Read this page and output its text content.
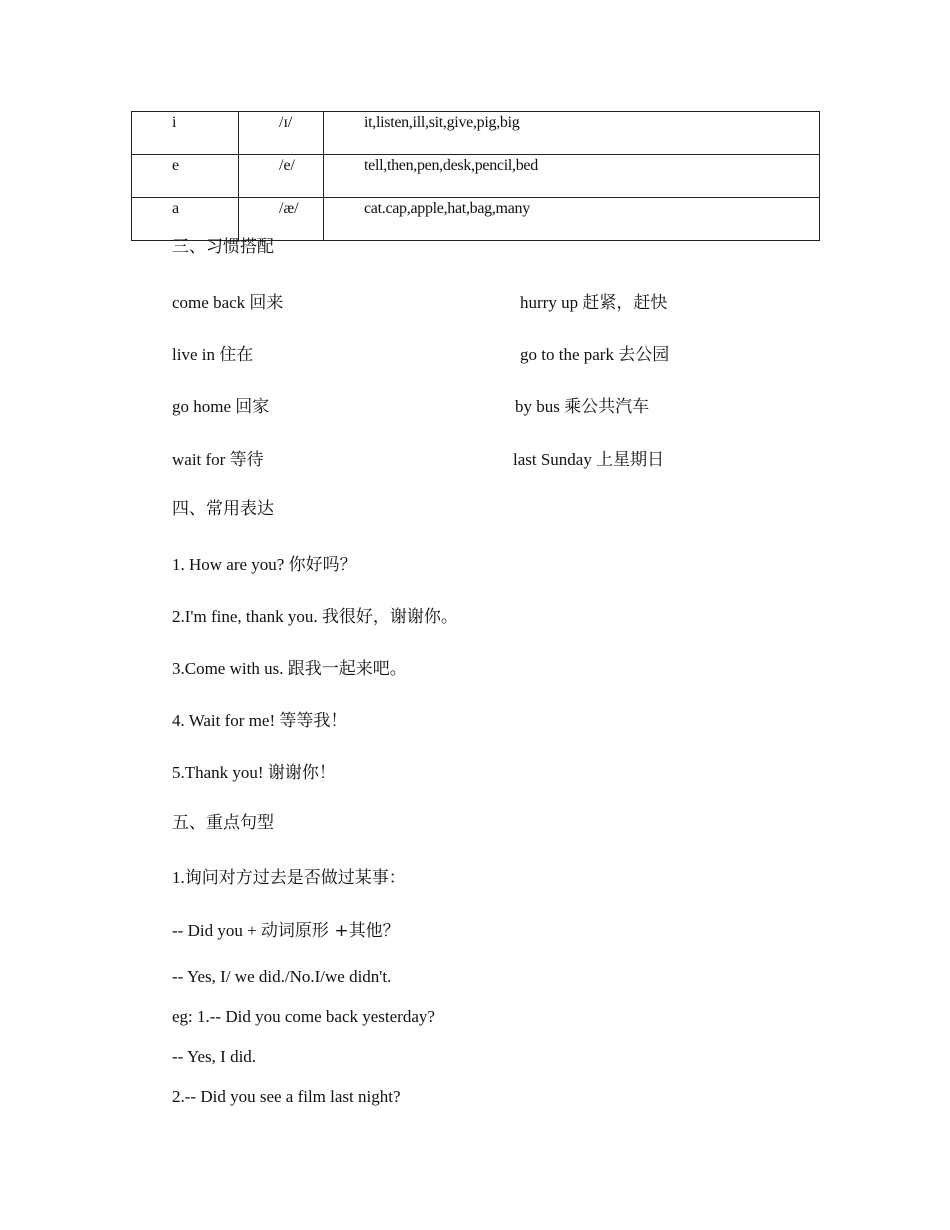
i	/ɪ/	it,listen,ill,sit,give,pig,big
e	/e/	tell,then,pen,desk,pencil,bed
a	/æ/	cat.cap,apple,hat,bag,many
三、习惯搭配
come back 回来	hurry up 赶紧，赶快
live in 住在	go to the park 去公园
go home 回家	by bus 乘公共汽车
wait for 等待	last Sunday 上星期日
四、常用表达
1. How are you? 你好吗？
2.I'm fine, thank you. 我很好，谢谢你。
3.Come with us. 跟我一起来吧。
4. Wait for me! 等等我！
5.Thank you! 谢谢你！
五、重点句型
1.询问对方过去是否做过某事：
-- Did you + 动词原形 +其他？
-- Yes, I/ we did./No.I/we didn't.
eg: 1.-- Did you come back yesterday?
-- Yes, I did.
2.-- Did you see a film last night?
